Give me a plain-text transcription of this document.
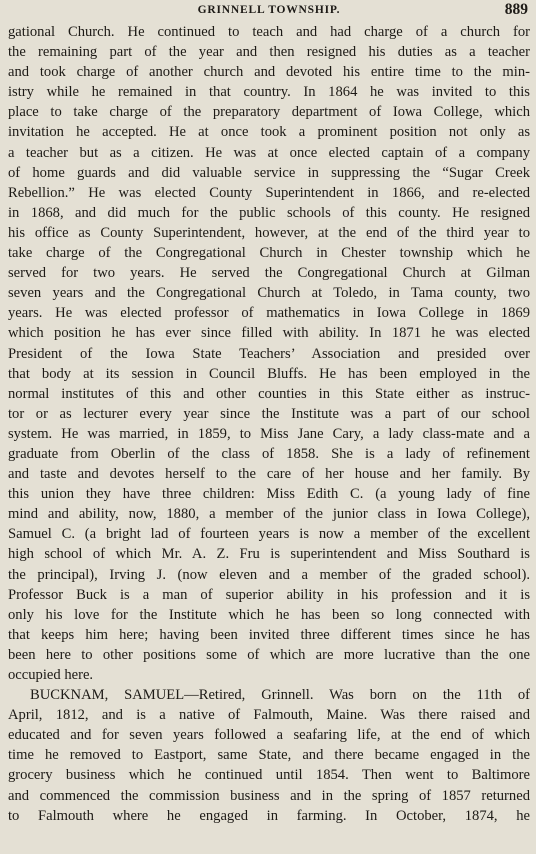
GRINNELL TOWNSHIP.	889
gational Church. He continued to teach and had charge of a church for
the remaining part of the year and then resigned his duties as a teacher
and took charge of another church and devoted his entire time to the min-
istry while he remained in that country. In 1864 he was invited to this
place to take charge of the preparatory department of Iowa College, which
invitation he accepted. He at once took a prominent position not only as
a teacher but as a citizen. He was at once elected captain of a company
of home guards and did valuable service in suppressing the “Sugar Creek
Rebellion.” He was elected County Superintendent in 1866, and re-elected
in 1868, and did much for the public schools of this county. He resigned
his office as County Superintendent, however, at the end of the third year to
take charge of the Congregational Church in Chester township which he
served for two years. He served the Congregational Church at Gilman
seven years and the Congregational Church at Toledo, in Tama county, two
years. He was elected professor of mathematics in Iowa College in 1869
which position he has ever since filled with ability. In 1871 he was elected
President of the Iowa State Teachers’ Association and presided over
that body at its session in Council Bluffs. He has been employed in the
normal institutes of this and other counties in this State either as instruc-
tor or as lecturer every year since the Institute was a part of our school
system. He was married, in 1859, to Miss Jane Cary, a lady class-mate and a
graduate from Oberlin of the class of 1858. She is a lady of refinement
and taste and devotes herself to the care of her house and her family. By
this union they have three children: Miss Edith C. (a young lady of fine
mind and ability, now, 1880, a member of the junior class in Iowa College),
Samuel C. (a bright lad of fourteen years is now a member of the excellent
high school of which Mr. A. Z. Fru is superintendent and Miss Southard is
the principal), Irving J. (now eleven and a member of the graded school).
Professor Buck is a man of superior ability in his profession and it is
only his love for the Institute which he has been so long connected with
that keeps him here; having been invited three different times since he has
been here to other positions some of which are more lucrative than the one
occupied here.
BUCKNAM, SAMUEL—Retired, Grinnell. Was born on the 11th of
April, 1812, and is a native of Falmouth, Maine. Was there raised and
educated and for seven years followed a seafaring life, at the end of which
time he removed to Eastport, same State, and there became engaged in the
grocery business which he continued until 1854. Then went to Baltimore
and commenced the commission business and in the spring of 1857 returned
to Falmouth where he engaged in farming. In October, 1874, he
